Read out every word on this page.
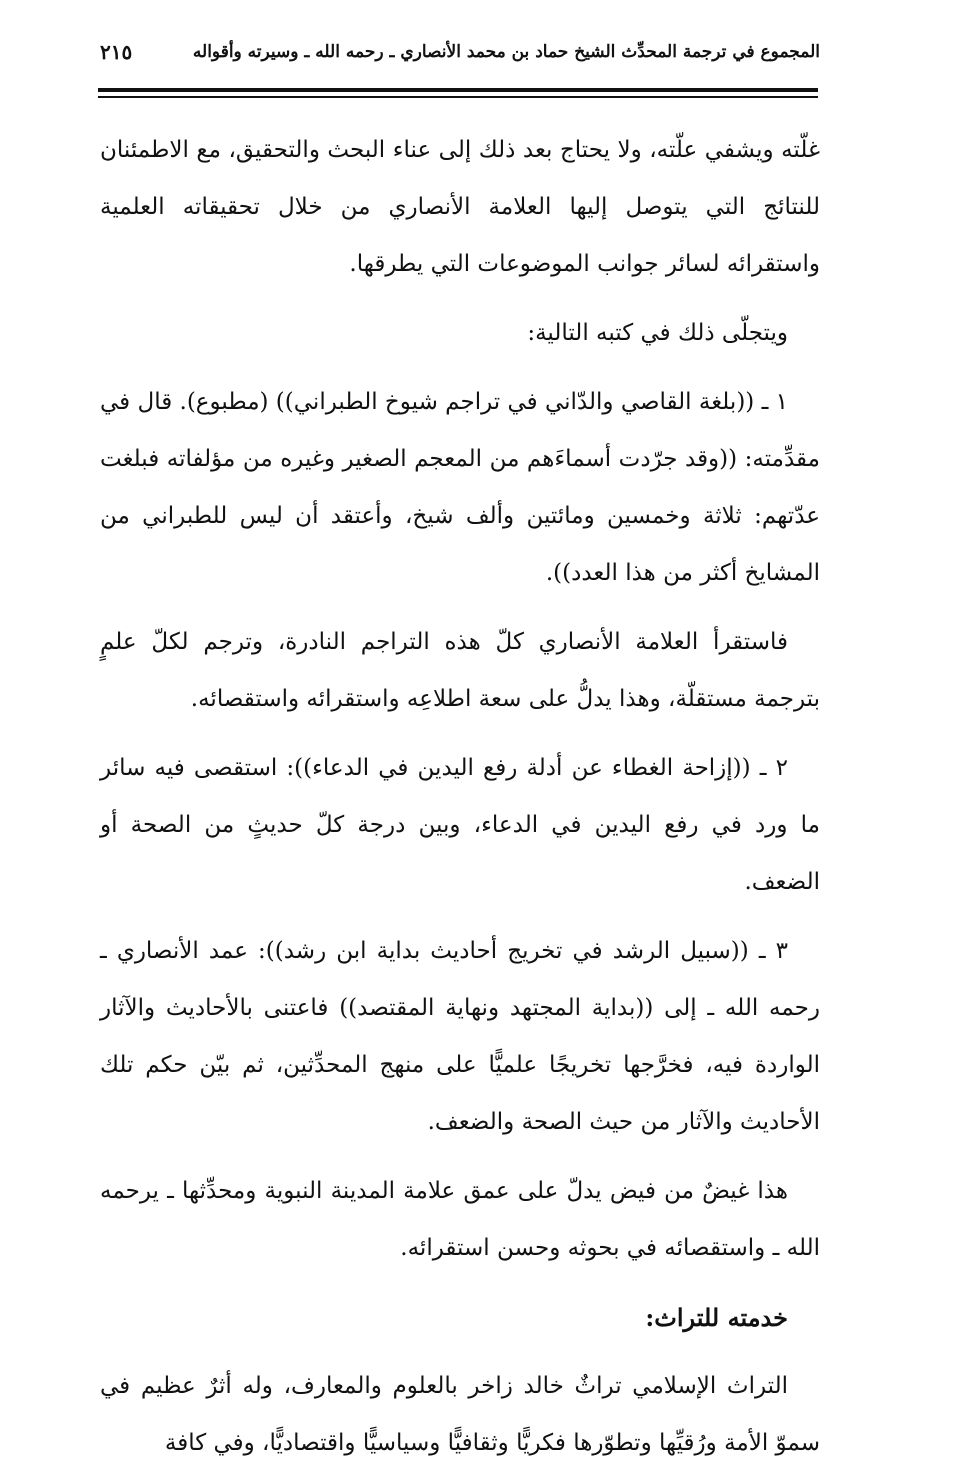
المجموع في ترجمة المحدِّث الشيخ حماد بن محمد الأنصاري ـ رحمه الله ـ وسيرته وأقواله
٢١٥

غلّته ويشفي علّته، ولا يحتاج بعد ذلك إلى عناء البحث والتحقيق، مع الاطمئنان للنتائج التي يتوصل إليها العلامة الأنصاري من خلال تحقيقاته العلمية واستقرائه لسائر جوانب الموضوعات التي يطرقها.

ويتجلّى ذلك في كتبه التالية:

١ ـ ((بلغة القاصي والدّاني في تراجم شيوخ الطبراني)) (مطبوع). قال في مقدِّمته: ((وقد جرّدت أسماءَهم من المعجم الصغير وغيره من مؤلفاته فبلغت عدّتهم: ثلاثة وخمسين ومائتين وألف شيخ، وأعتقد أن ليس للطبراني من المشايخ أكثر من هذا العدد)).

فاستقرأ العلامة الأنصاري كلّ هذه التراجم النادرة، وترجم لكلّ علمٍ بترجمة مستقلّة، وهذا يدلُّ على سعة اطلاعِه واستقرائه واستقصائه.

٢ ـ ((إزاحة الغطاء عن أدلة رفع اليدين في الدعاء)): استقصى فيه سائر ما ورد في رفع اليدين في الدعاء، وبين درجة كلّ حديثٍ من الصحة أو الضعف.

٣ ـ ((سبيل الرشد في تخريج أحاديث بداية ابن رشد)): عمد الأنصاري ـ رحمه الله ـ إلى ((بداية المجتهد ونهاية المقتصد)) فاعتنى بالأحاديث والآثار الواردة فيه، فخرَّجها تخريجًا علميًّا على منهج المحدِّثين، ثم بيّن حكم تلك الأحاديث والآثار من حيث الصحة والضعف.

هذا غيضٌ من فيض يدلّ على عمق علامة المدينة النبوية ومحدِّثها ـ يرحمه الله ـ واستقصائه في بحوثه وحسن استقرائه.

خدمته للتراث:

التراث الإسلامي تراثٌ خالد زاخر بالعلوم والمعارف، وله أثرٌ عظيم في سموّ الأمة ورُقيِّها وتطوّرها فكريًّا وثقافيًّا وسياسيًّا واقتصاديًّا، وفي كافة
